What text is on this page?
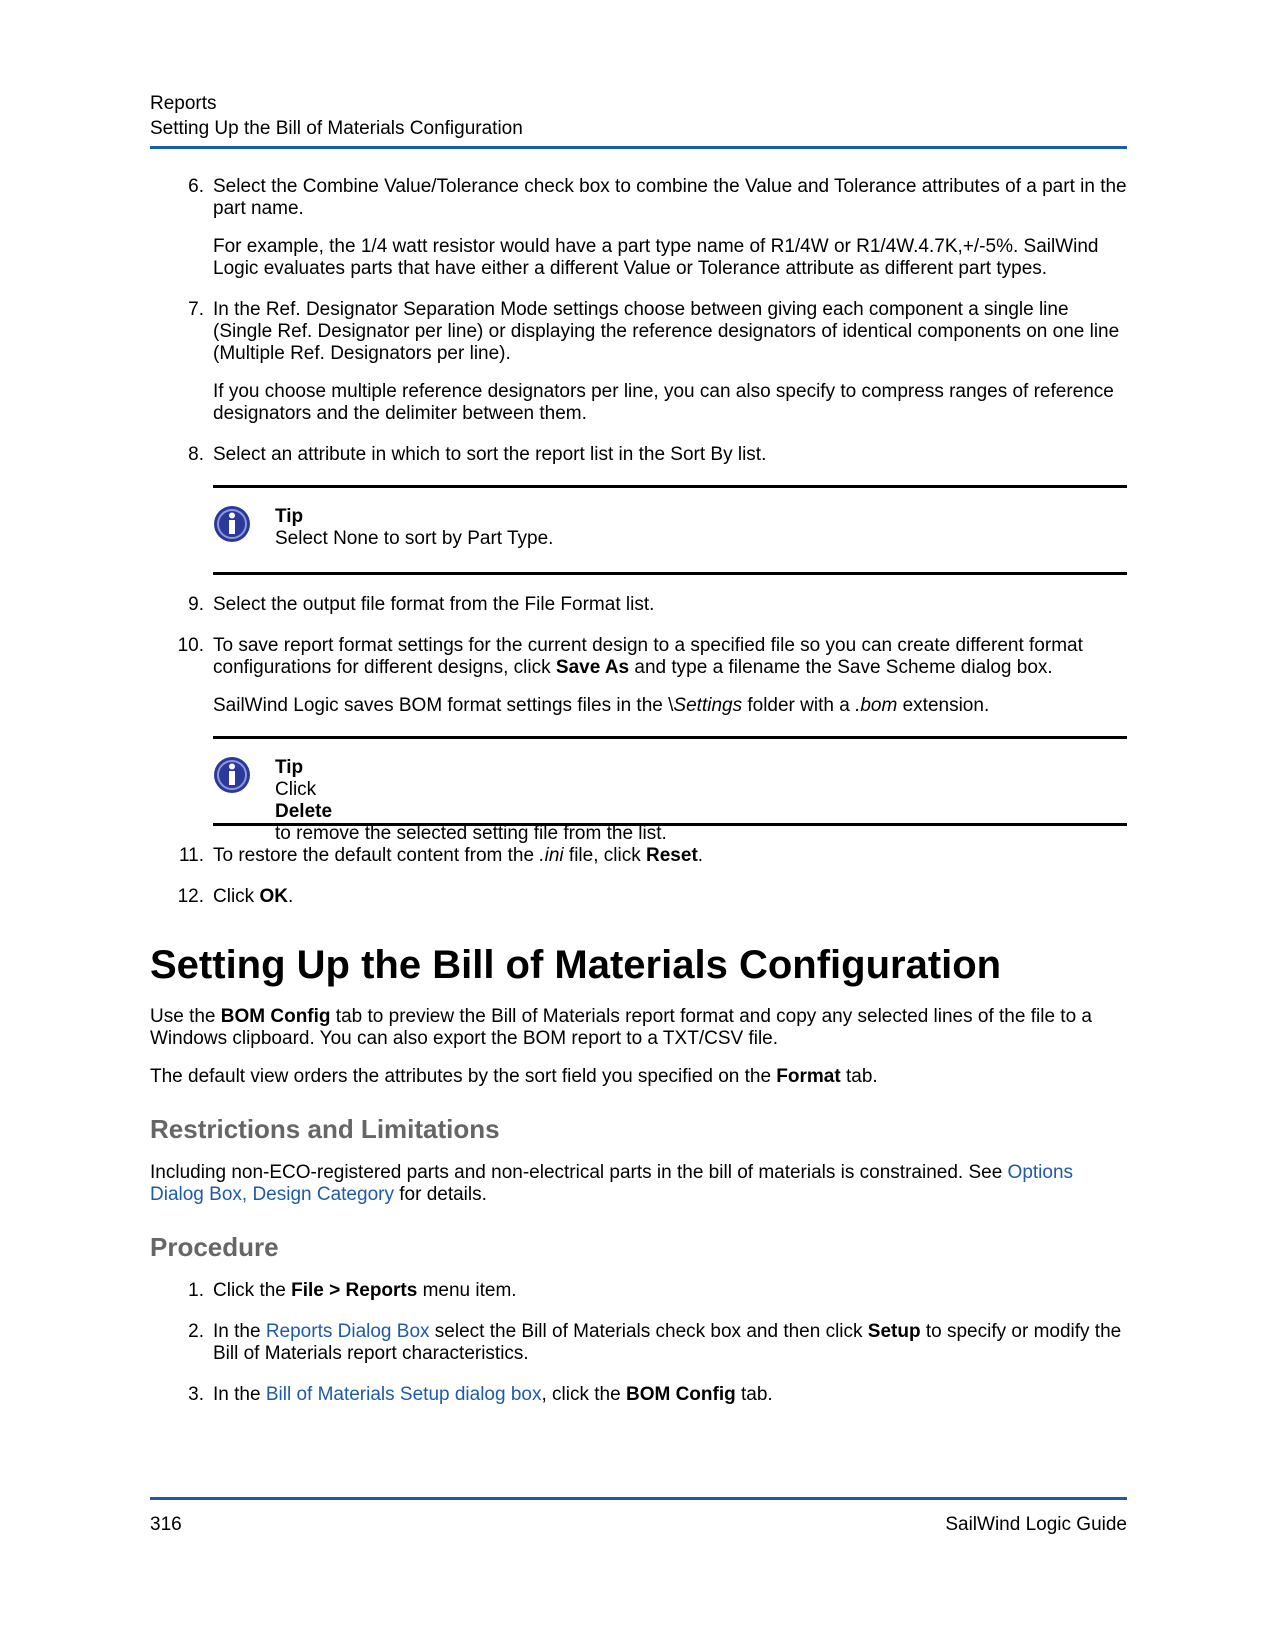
Reports
Setting Up the Bill of Materials Configuration
6. Select the Combine Value/Tolerance check box to combine the Value and Tolerance attributes of a part in the part name.
For example, the 1/4 watt resistor would have a part type name of R1/4W or R1/4W.4.7K,+/-5%. SailWind Logic evaluates parts that have either a different Value or Tolerance attribute as different part types.
7. In the Ref. Designator Separation Mode settings choose between giving each component a single line (Single Ref. Designator per line) or displaying the reference designators of identical components on one line (Multiple Ref. Designators per line).
If you choose multiple reference designators per line, you can also specify to compress ranges of reference designators and the delimiter between them.
8. Select an attribute in which to sort the report list in the Sort By list.
Tip
Select None to sort by Part Type.
9. Select the output file format from the File Format list.
10. To save report format settings for the current design to a specified file so you can create different format configurations for different designs, click Save As and type a filename the Save Scheme dialog box.
SailWind Logic saves BOM format settings files in the \Settings folder with a .bom extension.
Tip
Click
Delete
to remove the selected setting file from the list.
11. To restore the default content from the .ini file, click Reset.
12. Click OK.
Setting Up the Bill of Materials Configuration

Use the BOM Config tab to preview the Bill of Materials report format and copy any selected lines of the file to a Windows clipboard. You can also export the BOM report to a TXT/CSV file.

The default view orders the attributes by the sort field you specified on the Format tab.

Restrictions and Limitations

Including non-ECO-registered parts and non-electrical parts in the bill of materials is constrained. See Options Dialog Box, Design Category for details.

Procedure
1. Click the File > Reports menu item.
2. In the Reports Dialog Box select the Bill of Materials check box and then click Setup to specify or modify the Bill of Materials report characteristics.
3. In the Bill of Materials Setup dialog box, click the BOM Config tab.
316	SailWind Logic Guide
